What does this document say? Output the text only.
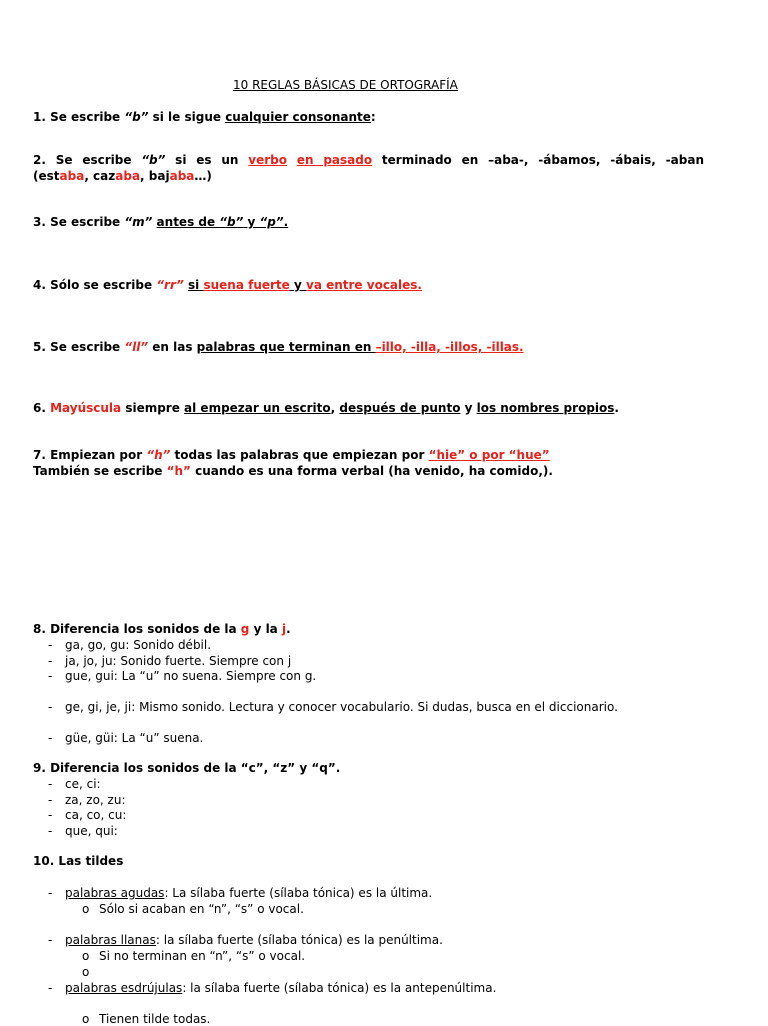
10 REGLAS BÁSICAS DE ORTOGRAFÍA
1. Se escribe “b” si le sigue cualquier consonante:
2. Se escribe “b” si es un verbo en pasado terminado en –aba-, -ábamos, -ábais, -aban
(estaba, cazaba, bajaba…)
3. Se escribe “m” antes de “b” y “p”.
4. Sólo se escribe “rr” si suena fuerte y va entre vocales.
5. Se escribe “ll” en las palabras que terminan en –illo, -illa, -illos, -illas.
6. Mayúscula siempre al empezar un escrito, después de punto y los nombres propios.
7. Empiezan por “h” todas las palabras que empiezan por “hie” o por “hue”
También se escribe “h” cuando es una forma verbal (ha venido, ha comido,).
8. Diferencia los sonidos de la g y la j.
- ga, go, gu: Sonido débil.
- ja, jo, ju: Sonido fuerte. Siempre con j
- gue, gui: La “u” no suena. Siempre con g.
- ge, gi, je, ji: Mismo sonido. Lectura y conocer vocabulario. Si dudas, busca en el diccionario.
- güe, güi: La “u” suena.
9. Diferencia los sonidos de la “c”, “z” y “q”.
- ce, ci:
- za, zo, zu:
- ca, co, cu:
- que, qui:
10. Las tildes
- palabras agudas: La sílaba fuerte (sílaba tónica) es la última.
o Sólo si acaban en “n”, “s” o vocal.
- palabras llanas: la sílaba fuerte (sílaba tónica) es la penúltima.
o Si no terminan en “n”, “s” o vocal.
o
- palabras esdrújulas: la sílaba fuerte (sílaba tónica) es la antepenúltima.
o Tienen tilde todas.
